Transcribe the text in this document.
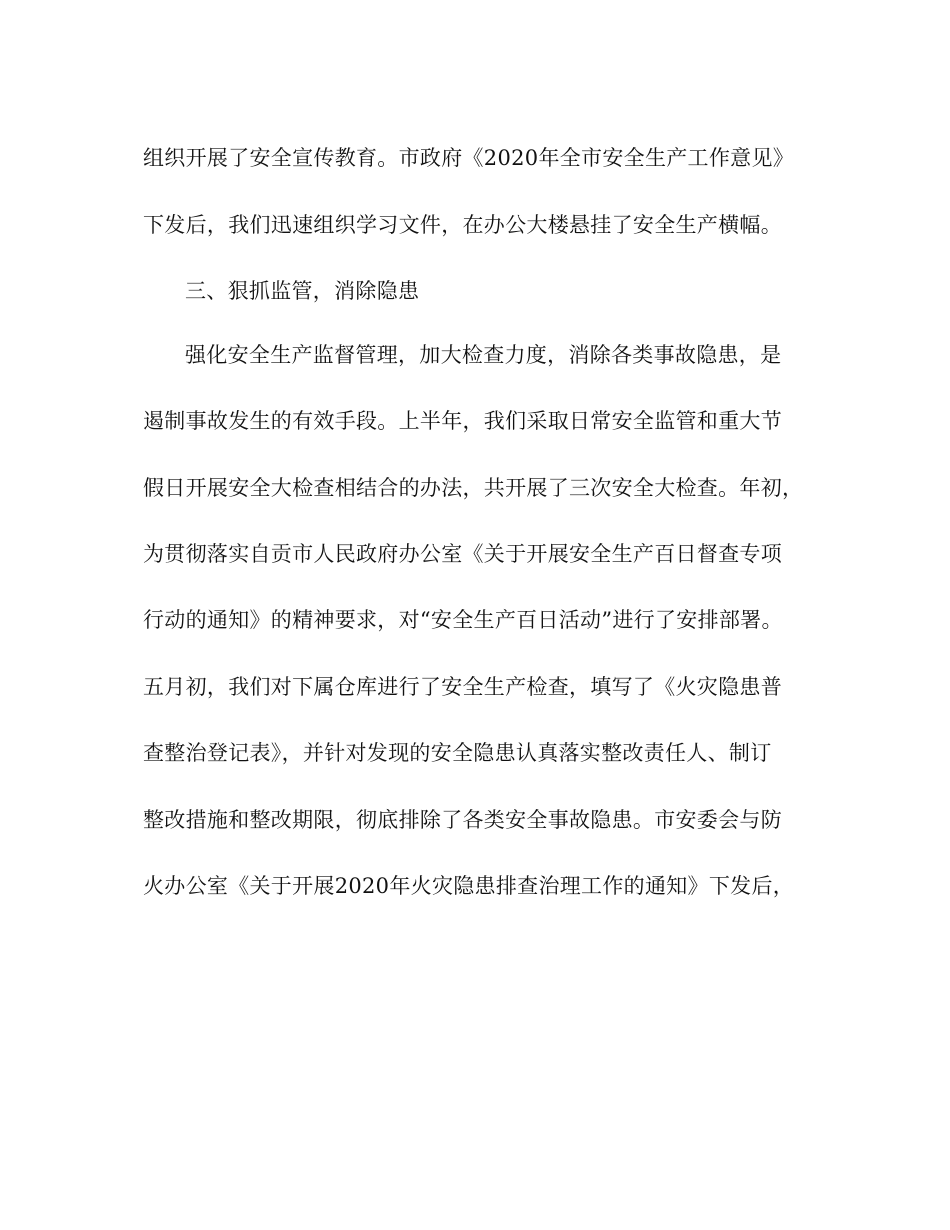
组织开展了安全宣传教育。市政府《2020年全市安全生产工作意见》
下发后，我们迅速组织学习文件，在办公大楼悬挂了安全生产横幅。
三、狠抓监管，消除隐患
强化安全生产监督管理，加大检查力度，消除各类事故隐患，是
遏制事故发生的有效手段。上半年，我们采取日常安全监管和重大节
假日开展安全大检查相结合的办法，共开展了三次安全大检查。年初，
为贯彻落实自贡市人民政府办公室《关于开展安全生产百日督查专项
行动的通知》的精神要求，对“安全生产百日活动”进行了安排部署。
五月初，我们对下属仓库进行了安全生产检查，填写了《火灾隐患普
查整治登记表》，并针对发现的安全隐患认真落实整改责任人、制订
整改措施和整改期限，彻底排除了各类安全事故隐患。市安委会与防
火办公室《关于开展2020年火灾隐患排查治理工作的通知》下发后，
